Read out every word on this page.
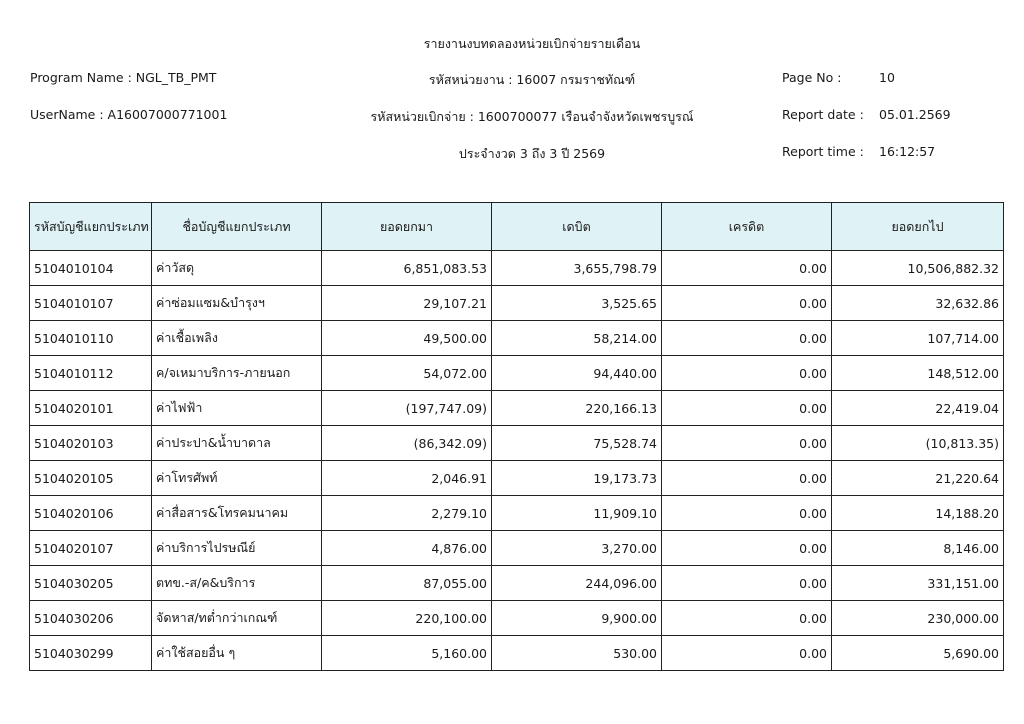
รายงานงบทดลองหน่วยเบิกจ่ายรายเดือน
Program Name : NGL_TB_PMT	รหัสหน่วยงาน : 16007 กรมราชทัณฑ์	Page No :	10
UserName : A16007000771001	รหัสหน่วยเบิกจ่าย : 1600700077 เรือนจำจังหวัดเพชรบูรณ์	Report date : 05.01.2569
ประจำงวด 3 ถึง 3 ปี 2569	Report time : 16:12:57
รหัสบัญชีแยกประเภท	ชื่อบัญชีแยกประเภท	ยอดยกมา	เดบิต	เครดิต	ยอดยกไป
5104010104	ค่าวัสดุ	6,851,083.53	3,655,798.79	0.00	10,506,882.32
5104010107	ค่าซ่อมแซม&บำรุงฯ	29,107.21	3,525.65	0.00	32,632.86
5104010110	ค่าเชื้อเพลิง	49,500.00	58,214.00	0.00	107,714.00
5104010112	ค/จเหมาบริการ-ภายนอก	54,072.00	94,440.00	0.00	148,512.00
5104020101	ค่าไฟฟ้า	(197,747.09)	220,166.13	0.00	22,419.04
5104020103	ค่าประปา&น้ำบาดาล	(86,342.09)	75,528.74	0.00	(10,813.35)
5104020105	ค่าโทรศัพท์	2,046.91	19,173.73	0.00	21,220.64
5104020106	ค่าสื่อสาร&โทรคมนาคม	2,279.10	11,909.10	0.00	14,188.20
5104020107	ค่าบริการไปรษณีย์	4,876.00	3,270.00	0.00	8,146.00
5104030205	ตทข.-ส/ค&บริการ	87,055.00	244,096.00	0.00	331,151.00
5104030206	จัดหาส/ทต่ำกว่าเกณฑ์	220,100.00	9,900.00	0.00	230,000.00
5104030299	ค่าใช้สอยอื่น ๆ	5,160.00	530.00	0.00	5,690.00
